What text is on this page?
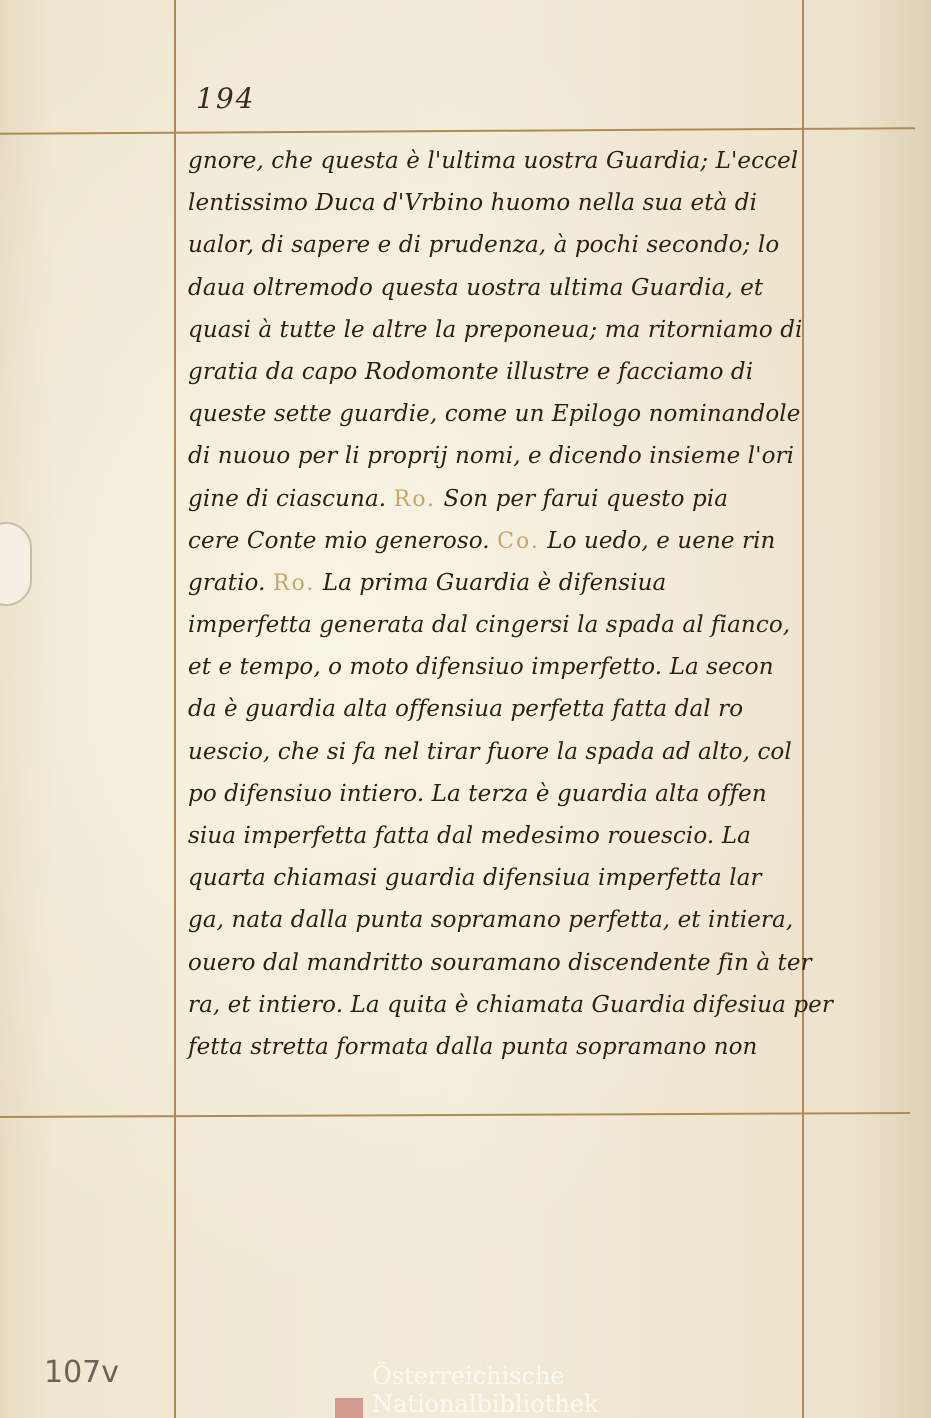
194
gnore, che questa è l'ultima uostra Guardia; L'eccel
lentissimo Duca d'Vrbino huomo nella sua età di
ualor, di sapere e di prudenza, à pochi secondo; lo
daua oltremodo questa uostra ultima Guardia, et
quasi à tutte le altre la preponeua; ma ritorniamo di
gratia da capo Rodomonte illustre e facciamo di
queste sette guardie, come un Epilogo nominandole
di nuouo per li proprij nomi, e dicendo insieme l'ori
gine di ciascuna. Ro. Son per farui questo pia
cere Conte mio generoso. Co. Lo uedo, e uene rin
gratio. Ro. La prima Guardia è difensiua
imperfetta generata dal cingersi la spada al fianco,
et e tempo, o moto difensiuo imperfetto. La secon
da è guardia alta offensiua perfetta fatta dal ro
uescio, che si fa nel tirar fuore la spada ad alto, col
po difensiuo intiero. La terza è guardia alta offen
siua imperfetta fatta dal medesimo rouescio. La
quarta chiamasi guardia difensiua imperfetta lar
ga, nata dalla punta sopramano perfetta, et intiera,
ouero dal mandritto souramano discendente fin à ter
ra, et intiero. La quita è chiamata Guardia difesiua per
fetta stretta formata dalla punta sopramano non
107v	Österreichische
Nationalbibliothek
